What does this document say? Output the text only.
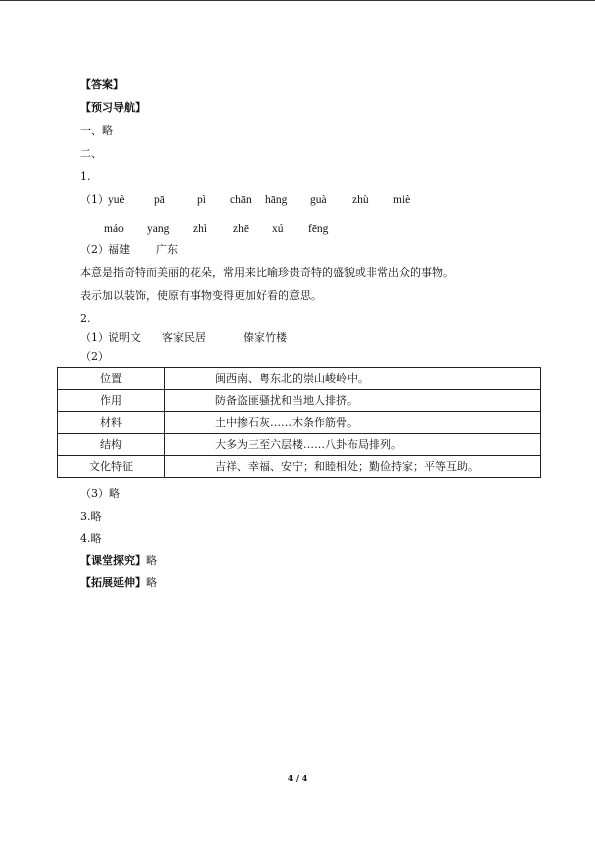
【答案】
【预习导航】
一、略
二、
1.
（1） yuè	pā	pì chān hāng guà zhù miè
máo yang zhì zhē xú fēng
（2） 福建 广东
本意是指奇特而美丽的花朵，常用来比喻珍贵奇特的盛貌或非常出众的事物。
表示加以装饰，使原有事物变得更加好看的意思。
2.
（1） 说明文 客家民居	傣家竹楼
（2）
位置	闽西南、粤东北的崇山峻岭中。
作用	防备盗匪骚扰和当地人排挤。
材料	土中掺石灰……木条作筋骨。
结构	大多为三至六层楼……八卦布局排列。
文化特征	吉祥、幸福、安宁；和睦相处；勤俭持家；平等互助。
（3）略
3.略
4.略
【课堂探究】略
【拓展延伸】略
4 / 4
